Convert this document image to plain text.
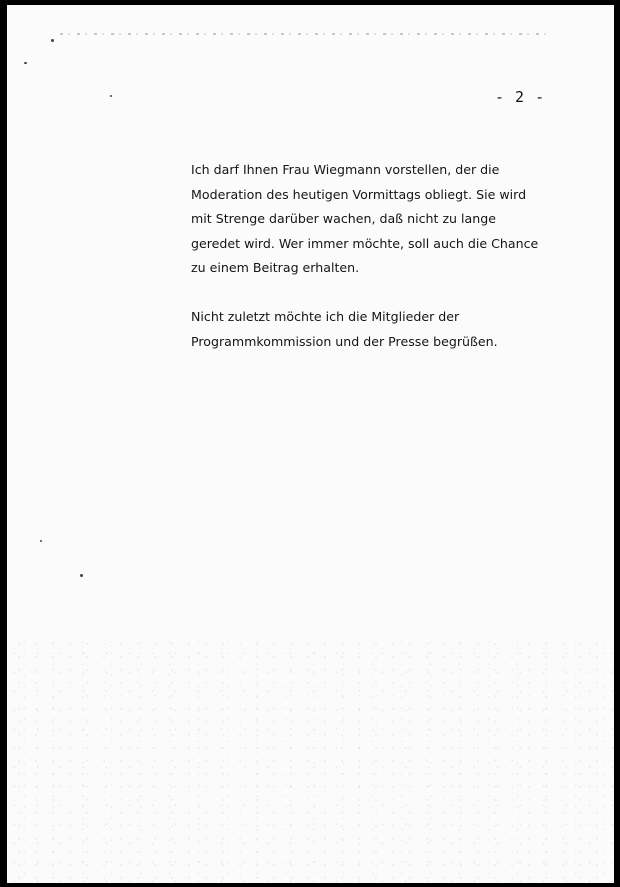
- 2 -
Ich darf Ihnen Frau Wiegmann vorstellen, der die
Moderation des heutigen Vormittags obliegt. Sie wird
mit Strenge darüber wachen, daß nicht zu lange
geredet wird. Wer immer möchte, soll auch die Chance
zu einem Beitrag erhalten.
Nicht zuletzt möchte ich die Mitglieder der
Programmkommission und der Presse begrüßen.
